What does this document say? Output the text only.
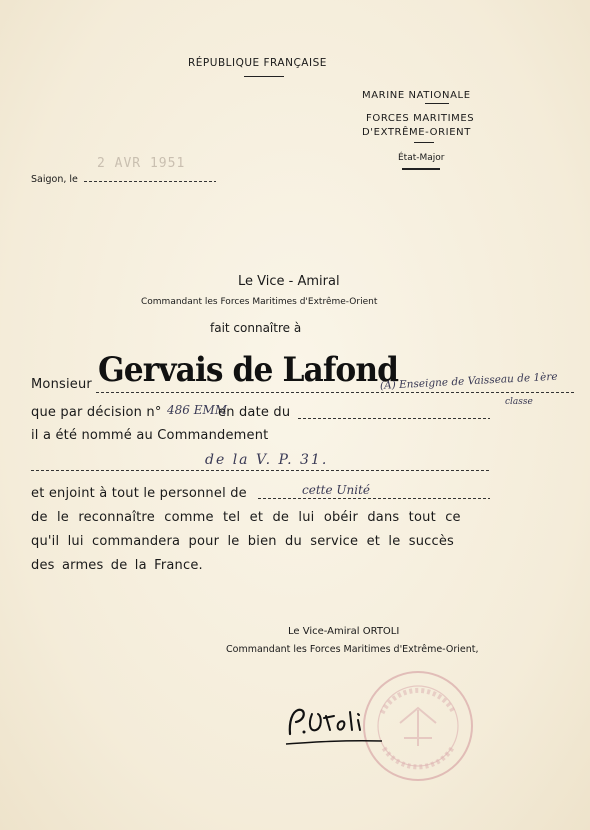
RÉPUBLIQUE FRANÇAISE
MARINE NATIONALE
FORCES MARITIMES
D'EXTRÊME-ORIENT
État-Major
Saigon, le
2 AVR 1951
Le Vice - Amiral
Commandant les Forces Maritimes d'Extrême-Orient
fait connaître à
Monsieur Gervais de Lafond
(A) Enseigne de Vaisseau de 1ère
classe
que par décision n° 486 EMM
en date du
il a été nommé au Commandement
de la V. P. 31.
et enjoint à tout le personnel de	cette Unité
de le reconnaître comme tel et de lui obéir dans tout ce
qu'il lui commandera pour le bien du service et le succès
des armes de la France.
Le Vice-Amiral ORTOLI
Commandant les Forces Maritimes d'Extrême-Orient,
